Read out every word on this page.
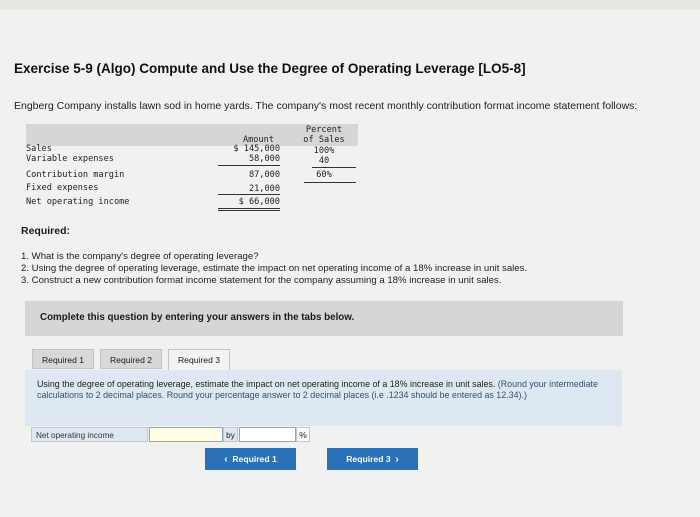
Exercise 5-9 (Algo) Compute and Use the Degree of Operating Leverage [LO5-8]
Engberg Company installs lawn sod in home yards. The company's most recent monthly contribution format income statement follows:
Percent
of Sales
Amount
Sales	$ 145,000	100%
Variable expenses	58,000	40
Contribution margin	87,000	60%
Fixed expenses	21,000
Net operating income	$ 66,000
Required:
1. What is the company's degree of operating leverage?
2. Using the degree of operating leverage, estimate the impact on net operating income of a 18% increase in unit sales.
3. Construct a new contribution format income statement for the company assuming a 18% increase in unit sales.
Complete this question by entering your answers in the tabs below.
Required 1	Required 2	Required 3
Using the degree of operating leverage, estimate the impact on net operating income of a 18% increase in unit sales. (Round your intermediate calculations to 2 decimal places. Round your percentage answer to 2 decimal places (i.e .1234 should be entered as 12.34).)
Net operating income	by	%
‹ Required 1	Required 3 ›
